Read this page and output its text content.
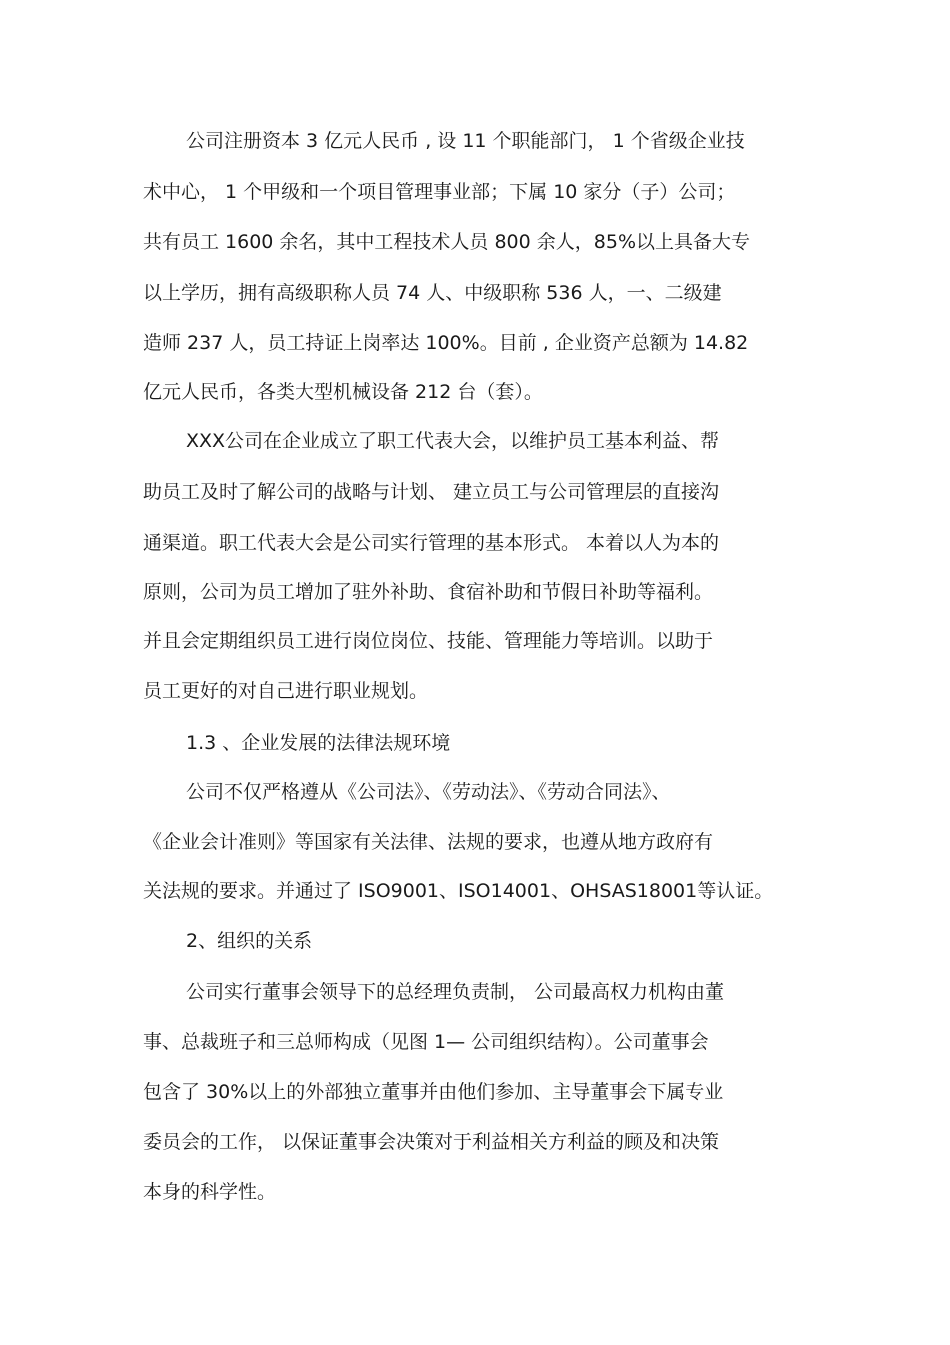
公司注册资本 3 亿元人民币 , 设 11 个职能部门， 1 个省级企业技
术中心， 1 个甲级和一个项目管理事业部；下属 10 家分（子）公司；
共有员工 1600 余名，其中工程技术人员 800 余人，85%以上具备大专
以上学历，拥有高级职称人员 74 人、中级职称 536 人，一、二级建
造师 237 人，员工持证上岗率达 100%。目前 , 企业资产总额为 14.82
亿元人民币，各类大型机械设备 212 台（套）。
XXX公司在企业成立了职工代表大会，以维护员工基本利益、帮
助员工及时了解公司的战略与计划、 建立员工与公司管理层的直接沟
通渠道。职工代表大会是公司实行管理的基本形式。 本着以人为本的
原则，公司为员工增加了驻外补助、食宿补助和节假日补助等福利。
并且会定期组织员工进行岗位岗位、技能、管理能力等培训。以助于
员工更好的对自己进行职业规划。
1.3 、企业发展的法律法规环境
公司不仅严格遵从《公司法》、《劳动法》、《劳动合同法》、
《企业会计准则》等国家有关法律、法规的要求，也遵从地方政府有
关法规的要求。并通过了 ISO9001、ISO14001、OHSAS18001等认证。
2、组织的关系
公司实行董事会领导下的总经理负责制， 公司最高权力机构由董
事、总裁班子和三总师构成（见图 1— 公司组织结构）。公司董事会
包含了 30%以上的外部独立董事并由他们参加、主导董事会下属专业
委员会的工作， 以保证董事会决策对于利益相关方利益的顾及和决策
本身的科学性。
